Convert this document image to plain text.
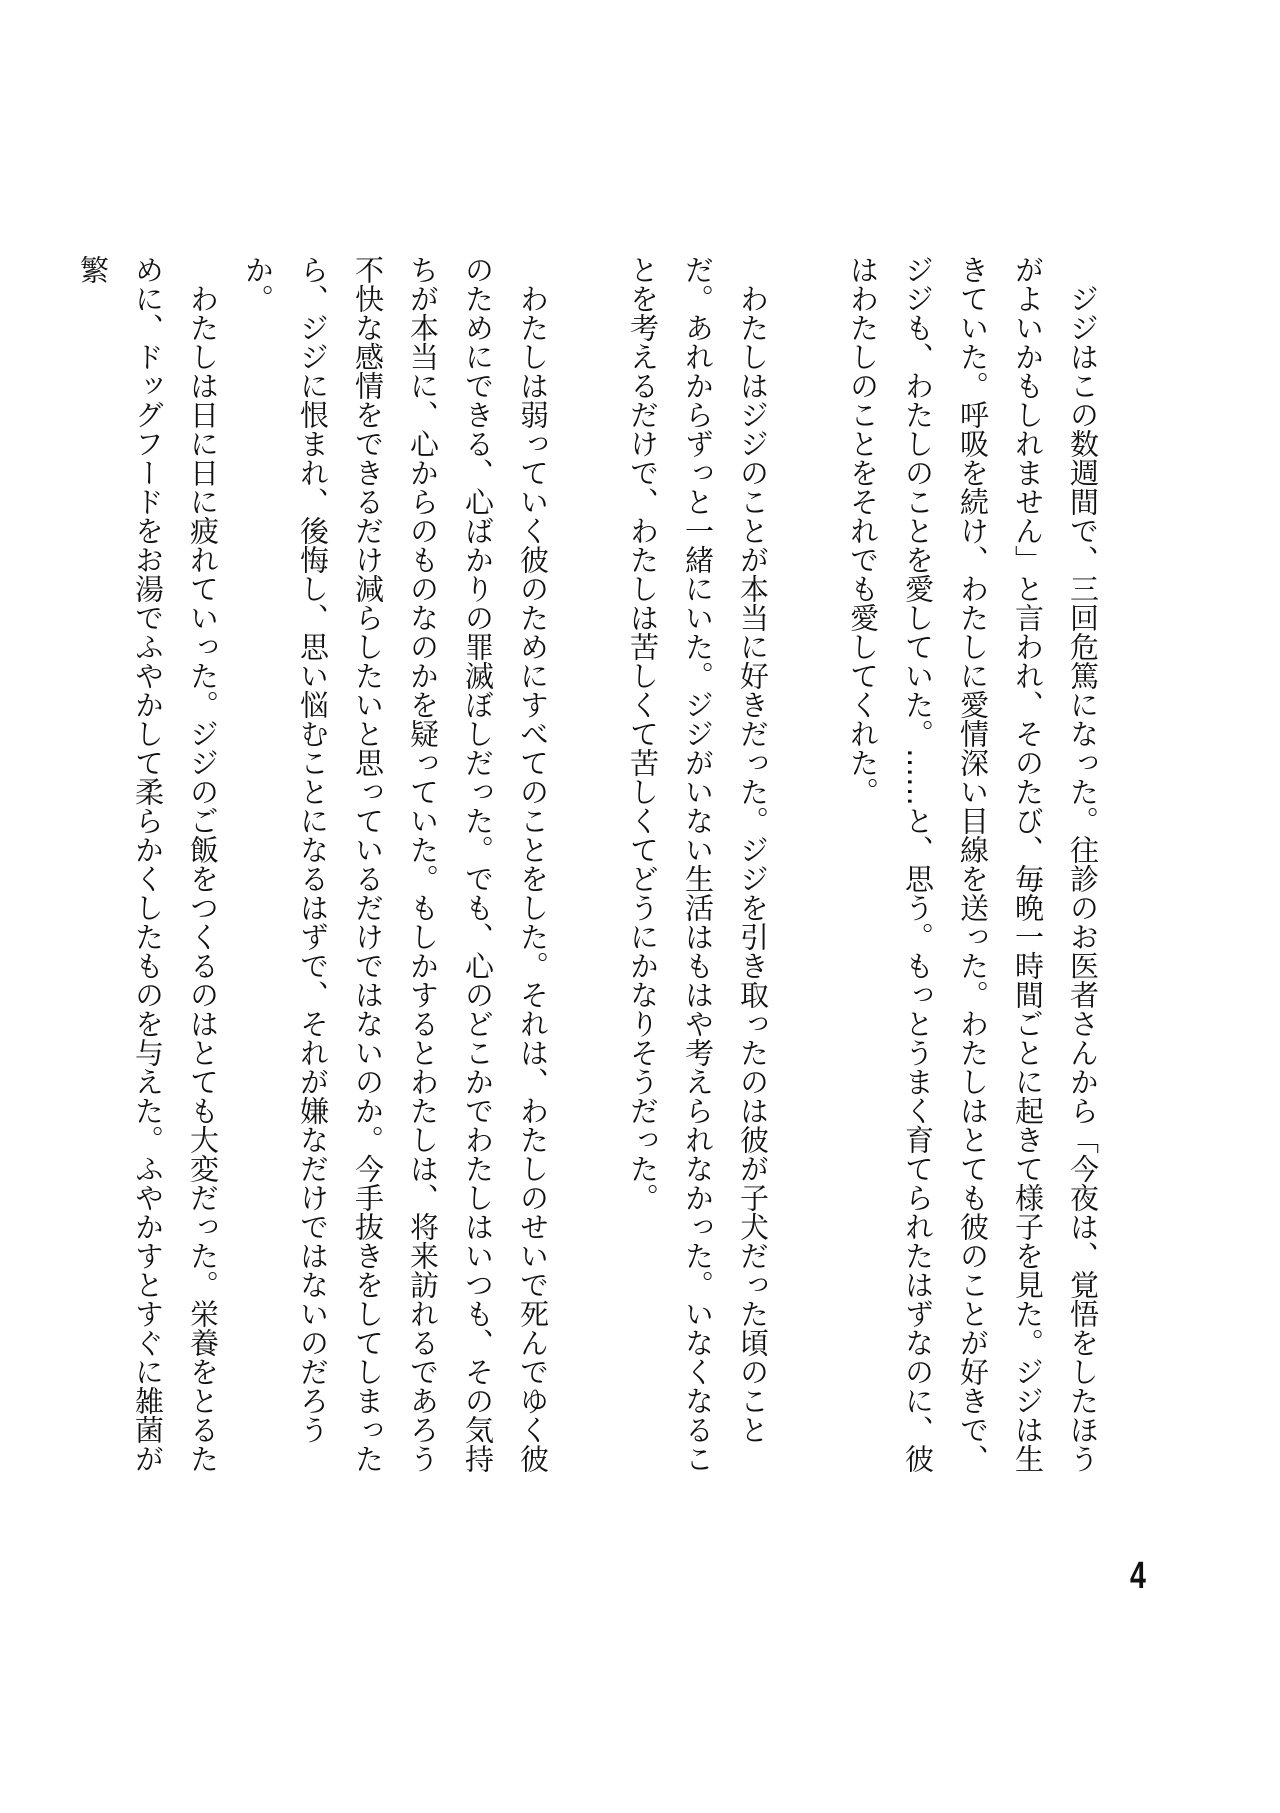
ジジはこの数週間で、三回危篤になった。往診のお医者さんから「今夜は、覚悟をしたほうがよいかもしれません」と言われ、そのたび、毎晩一時間ごとに起きて様子を見た。ジジは生きていた。呼吸を続け、わたしに愛情深い目線を送った。わたしはとても彼のことが好きで、ジジも、わたしのことを愛していた。……と、思う。もっとうまく育てられたはずなのに、彼はわたしのことをそれでも愛してくれた。

わたしはジジのことが本当に好きだった。ジジを引き取ったのは彼が子犬だった頃のことだ。あれからずっと一緒にいた。ジジがいない生活はもはや考えられなかった。いなくなることを考えるだけで、わたしは苦しくて苦しくてどうにかなりそうだった。

わたしは弱っていく彼のためにすべてのことをした。それは、わたしのせいで死んでゆく彼のためにできる、心ばかりの罪滅ぼしだった。でも、心のどこかでわたしはいつも、その気持ちが本当に、心からのものなのかを疑っていた。もしかするとわたしは、将来訪れるであろう不快な感情をできるだけ減らしたいと思っているだけではないのか。今手抜きをしてしまったら、ジジに恨まれ、後悔し、思い悩むことになるはずで、それが嫌なだけではないのだろうか。

わたしは日に日に疲れていった。ジジのご飯をつくるのはとても大変だった。栄養をとるために、ドッグフードをお湯でふやかして柔らかくしたものを与えた。ふやかすとすぐに雑菌が繁

4
